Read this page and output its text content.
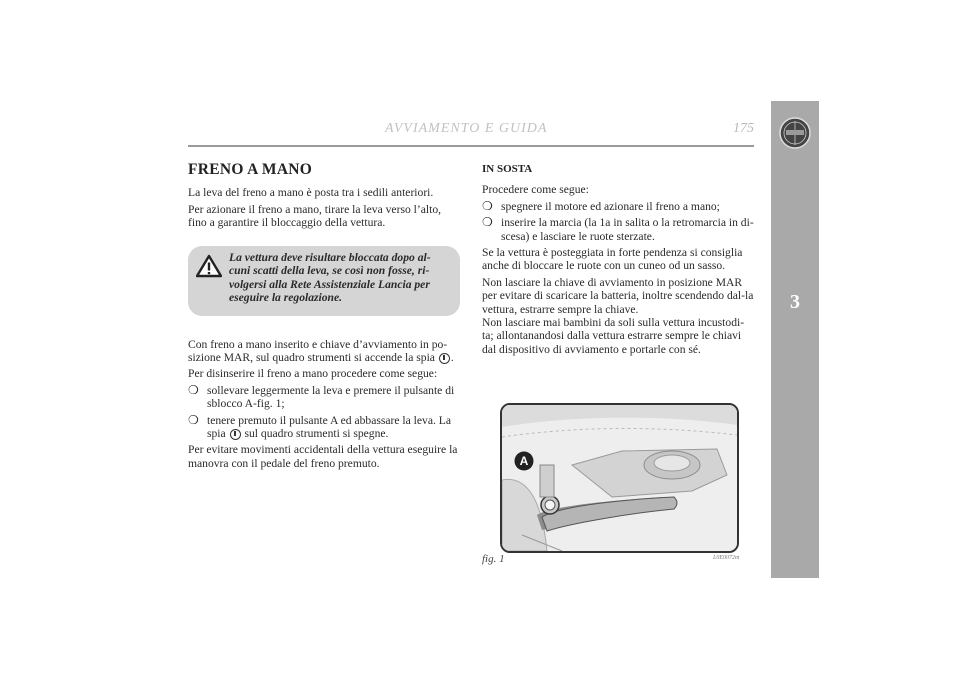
AVVIAMENTO E GUIDA	175
3
FRENO A MANO

La leva del freno a mano è posta tra i sedili anteriori.

Per azionare il freno a mano, tirare la leva verso l’alto, fino a garantire il bloccaggio della vettura.

La vettura deve risultare bloccata dopo al-
cuni scatti della leva, se così non fosse, ri-volgersi alla Rete Assistenziale Lancia per eseguire la regolazione.

Con freno a mano inserito e chiave d’avviamento in po-sizione MAR, sul quadro strumenti si accende la spia .

Per disinserire il freno a mano procedere come segue:

❍ sollevare leggermente la leva e premere il pulsante di sblocco A-fig. 1;
❍ tenere premuto il pulsante A ed abbassare la leva. La spia sul quadro strumenti si spegne.

Per evitare movimenti accidentali della vettura eseguire la manovra con il pedale del freno premuto.

IN SOSTA

Procedere come segue:

❍ spegnere il motore ed azionare il freno a mano;
❍ inserire la marcia (la 1a in salita o la retromarcia in di-scesa) e lasciare le ruote sterzate.

Se la vettura è posteggiata in forte pendenza si consiglia anche di bloccare le ruote con un cuneo od un sasso.

Non lasciare la chiave di avviamento in posizione MAR per evitare di scaricare la batteria, inoltre scendendo dal-la vettura, estrarre sempre la chiave.

Non lasciare mai bambini da soli sulla vettura incustodi-ta; allontanandosi dalla vettura estrarre sempre le chiavi dal dispositivo di avviamento e portarle con sé.

A
fig. 1	L0E0072m
